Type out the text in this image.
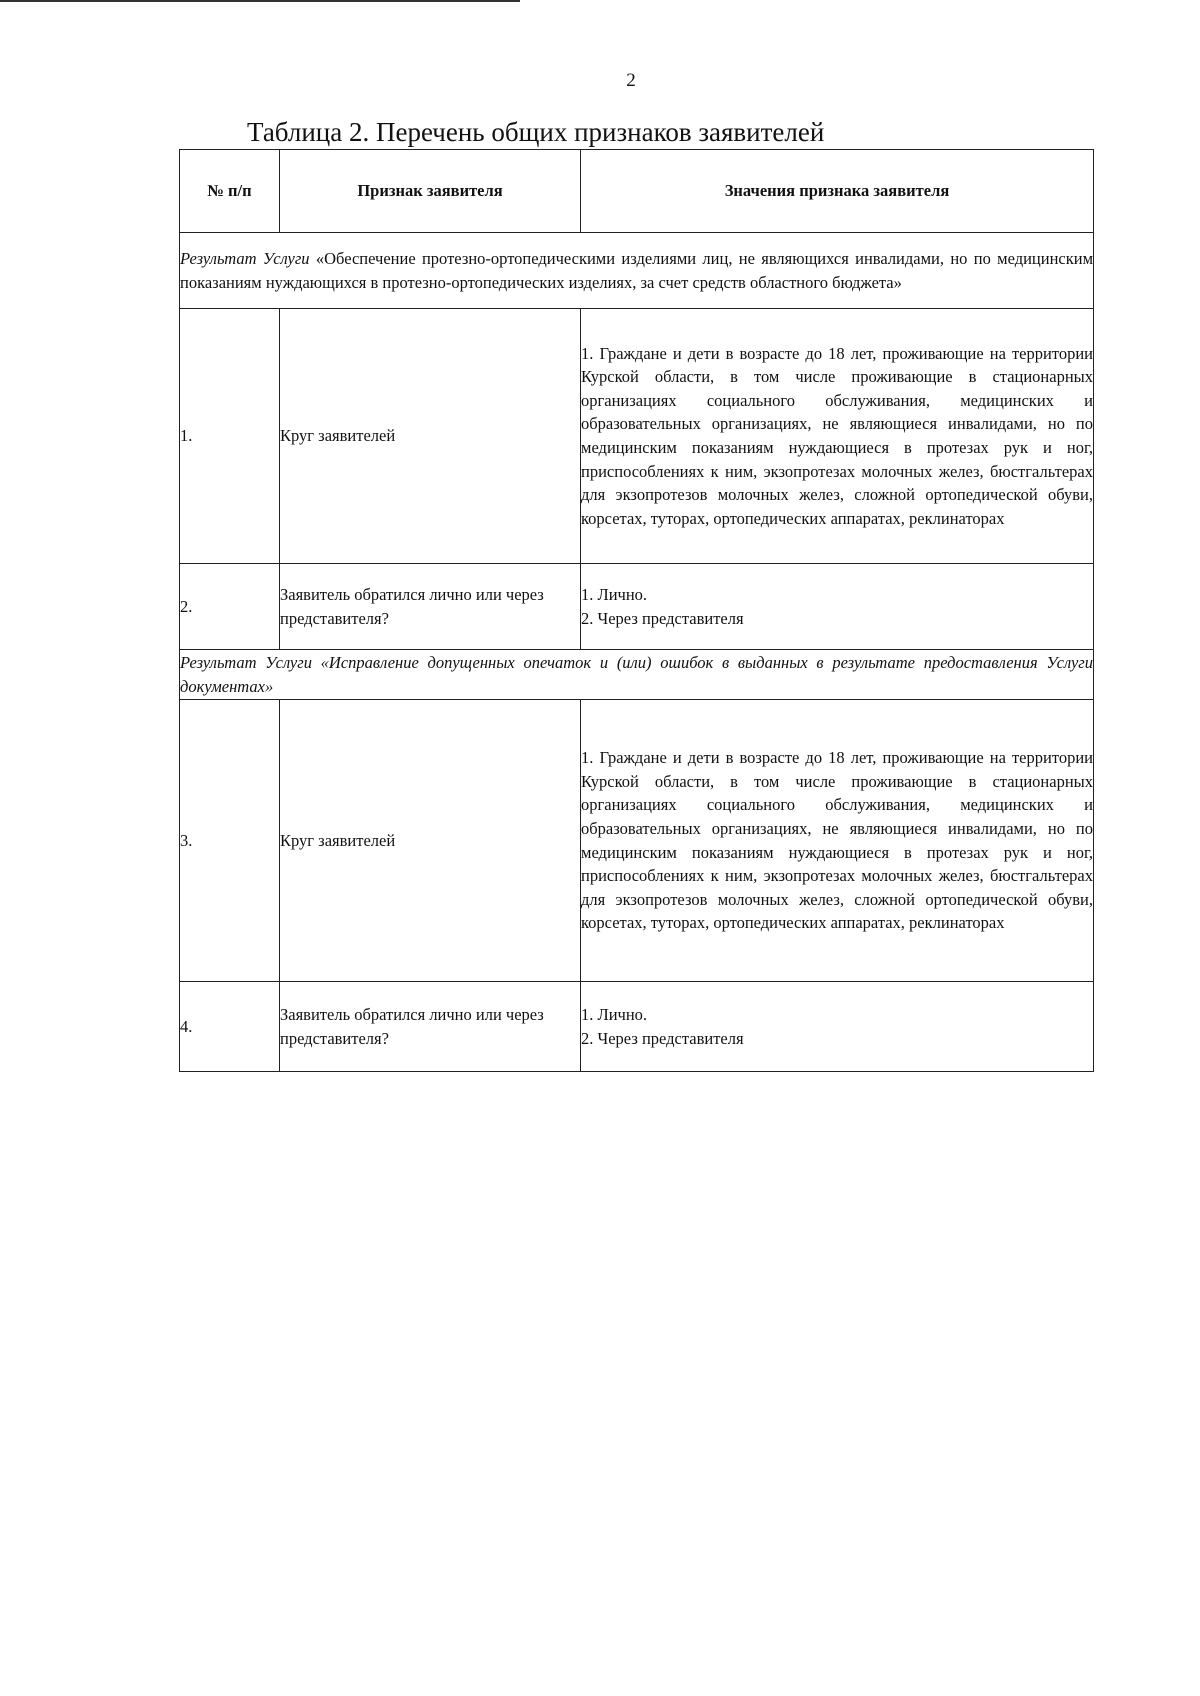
2
Таблица 2. Перечень общих признаков заявителей
№ п/п	Признак заявителя	Значения признака заявителя
Результат Услуги «Обеспечение протезно-ортопедическими изделиями лиц, не являющихся инвалидами, но по медицинским показаниям нуждающихся в протезно-ортопедических изделиях, за счет средств областного бюджета»		
1.	Круг заявителей	1. Граждане и дети в возрасте до 18 лет, проживающие на территории Курской области, в том числе проживающие в стационарных организациях социального обслуживания, медицинских и образовательных организациях, не являющиеся инвалидами, но по медицинским показаниям нуждающиеся в протезах рук и ног, приспособлениях к ним, экзопротезах молочных желез, бюстгальтерах для экзопротезов молочных желез, сложной ортопедической обуви, корсетах, туторах, ортопедических аппаратах, реклинаторах
2.	Заявитель обратился лично или через представителя?	1. Лично.
2. Через представителя

Результат Услуги «Исправление допущенных опечаток и (или) ошибок в выданных в результате предоставления Услуги документах»		
3.	Круг заявителей	1. Граждане и дети в возрасте до 18 лет, проживающие на территории Курской области, в том числе проживающие в стационарных организациях социального обслуживания, медицинских и образовательных организациях, не являющиеся инвалидами, но по медицинским показаниям нуждающиеся в протезах рук и ног, приспособлениях к ним, экзопротезах молочных желез, бюстгальтерах для экзопротезов молочных желез, сложной ортопедической обуви, корсетах, туторах, ортопедических аппаратах, реклинаторах
4.	Заявитель обратился лично или через представителя?	1. Лично.
2. Через представителя
